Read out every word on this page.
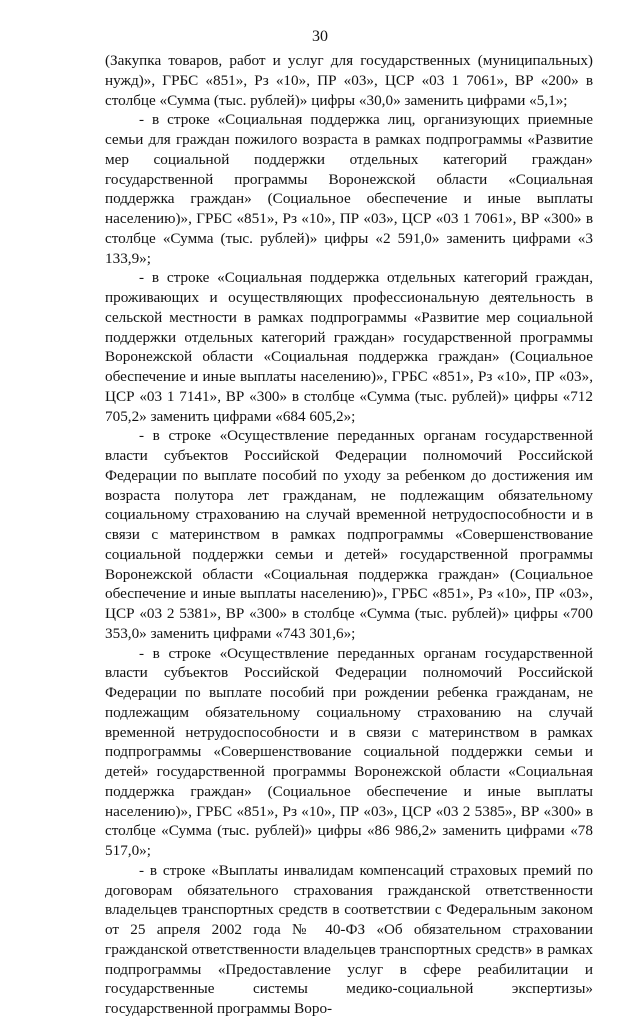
30

(Закупка товаров, работ и услуг для государственных (муниципальных) нужд)», ГРБС «851», Рз «10», ПР «03», ЦСР «03 1 7061», ВР «200» в столбце «Сумма (тыс. рублей)» цифры «30,0» заменить цифрами «5,1»;

- в строке «Социальная поддержка лиц, организующих приемные семьи для граждан пожилого возраста в рамках подпрограммы «Развитие мер социальной поддержки отдельных категорий граждан» государственной программы Воронежской области «Социальная поддержка граждан» (Социальное обеспечение и иные выплаты населению)», ГРБС «851», Рз «10», ПР «03», ЦСР «03 1 7061», ВР «300» в столбце «Сумма (тыс. рублей)» цифры «2 591,0» заменить цифрами «3 133,9»;

- в строке «Социальная поддержка отдельных категорий граждан, проживающих и осуществляющих профессиональную деятельность в сельской местности в рамках подпрограммы «Развитие мер социальной поддержки отдельных категорий граждан» государственной программы Воронежской области «Социальная поддержка граждан» (Социальное обеспечение и иные выплаты населению)», ГРБС «851», Рз «10», ПР «03», ЦСР «03 1 7141», ВР «300» в столбце «Сумма (тыс. рублей)» цифры «712 705,2» заменить цифрами «684 605,2»;

- в строке «Осуществление переданных органам государственной власти субъектов Российской Федерации полномочий Российской Федерации по выплате пособий по уходу за ребенком до достижения им возраста полутора лет гражданам, не подлежащим обязательному социальному страхованию на случай временной нетрудоспособности и в связи с материнством в рамках подпрограммы «Совершенствование социальной поддержки семьи и детей» государственной программы Воронежской области «Социальная поддержка граждан» (Социальное обеспечение и иные выплаты населению)», ГРБС «851», Рз «10», ПР «03», ЦСР «03 2 5381», ВР «300» в столбце «Сумма (тыс. рублей)» цифры «700 353,0» заменить цифрами «743 301,6»;

- в строке «Осуществление переданных органам государственной власти субъектов Российской Федерации полномочий Российской Федерации по выплате пособий при рождении ребенка гражданам, не подлежащим обязательному социальному страхованию на случай временной нетрудоспособности и в связи с материнством в рамках подпрограммы «Совершенствование социальной поддержки семьи и детей» государственной программы Воронежской области «Социальная поддержка граждан» (Социальное обеспечение и иные выплаты населению)», ГРБС «851», Рз «10», ПР «03», ЦСР «03 2 5385», ВР «300» в столбце «Сумма (тыс. рублей)» цифры «86 986,2» заменить цифрами «78 517,0»;

- в строке «Выплаты инвалидам компенсаций страховых премий по договорам обязательного страхования гражданской ответственности владельцев транспортных средств в соответствии с Федеральным законом от 25 апреля 2002 года № 40-ФЗ «Об обязательном страховании гражданской ответственности владельцев транспортных средств» в рамках подпрограммы «Предоставление услуг в сфере реабилитации и государственные системы медико-социальной экспертизы» государственной программы Воро-
